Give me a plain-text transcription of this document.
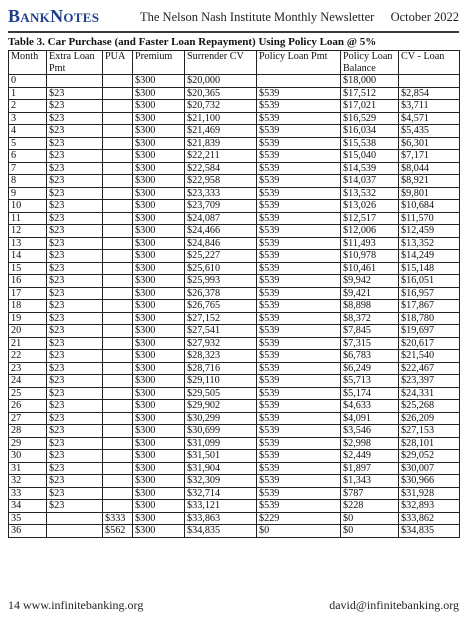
BankNotes	The Nelson Nash Institute Monthly Newsletter October 2022
Table 3. Car Purchase (and Faster Loan Repayment) Using Policy Loan @ 5%
Month	Extra Loan Pmt	PUA	Premium	Surrender CV	Policy Loan Pmt	Policy Loan Balance	CV - Loan
0			$300	$20,000		$18,000	
1	$23		$300	$20,365	$539	$17,512	$2,854
2	$23		$300	$20,732	$539	$17,021	$3,711
3	$23		$300	$21,100	$539	$16,529	$4,571
4	$23		$300	$21,469	$539	$16,034	$5,435
5	$23		$300	$21,839	$539	$15,538	$6,301
6	$23		$300	$22,211	$539	$15,040	$7,171
7	$23		$300	$22,584	$539	$14,539	$8,044
8	$23		$300	$22,958	$539	$14,037	$8,921
9	$23		$300	$23,333	$539	$13,532	$9,801
10	$23		$300	$23,709	$539	$13,026	$10,684
11	$23		$300	$24,087	$539	$12,517	$11,570
12	$23		$300	$24,466	$539	$12,006	$12,459
13	$23		$300	$24,846	$539	$11,493	$13,352
14	$23		$300	$25,227	$539	$10,978	$14,249
15	$23		$300	$25,610	$539	$10,461	$15,148
16	$23		$300	$25,993	$539	$9,942	$16,051
17	$23		$300	$26,378	$539	$9,421	$16,957
18	$23		$300	$26,765	$539	$8,898	$17,867
19	$23		$300	$27,152	$539	$8,372	$18,780
20	$23		$300	$27,541	$539	$7,845	$19,697
21	$23		$300	$27,932	$539	$7,315	$20,617
22	$23		$300	$28,323	$539	$6,783	$21,540
23	$23		$300	$28,716	$539	$6,249	$22,467
24	$23		$300	$29,110	$539	$5,713	$23,397
25	$23		$300	$29,505	$539	$5,174	$24,331
26	$23		$300	$29,902	$539	$4,633	$25,268
27	$23		$300	$30,299	$539	$4,091	$26,209
28	$23		$300	$30,699	$539	$3,546	$27,153
29	$23		$300	$31,099	$539	$2,998	$28,101
30	$23		$300	$31,501	$539	$2,449	$29,052
31	$23		$300	$31,904	$539	$1,897	$30,007
32	$23		$300	$32,309	$539	$1,343	$30,966
33	$23		$300	$32,714	$539	$787	$31,928
34	$23		$300	$33,121	$539	$228	$32,893
35		$333	$300	$33,863	$229	$0	$33,862
36		$562	$300	$34,835	$0	$0	$34,835
14 www.infinitebanking.org	david@infinitebanking.org
